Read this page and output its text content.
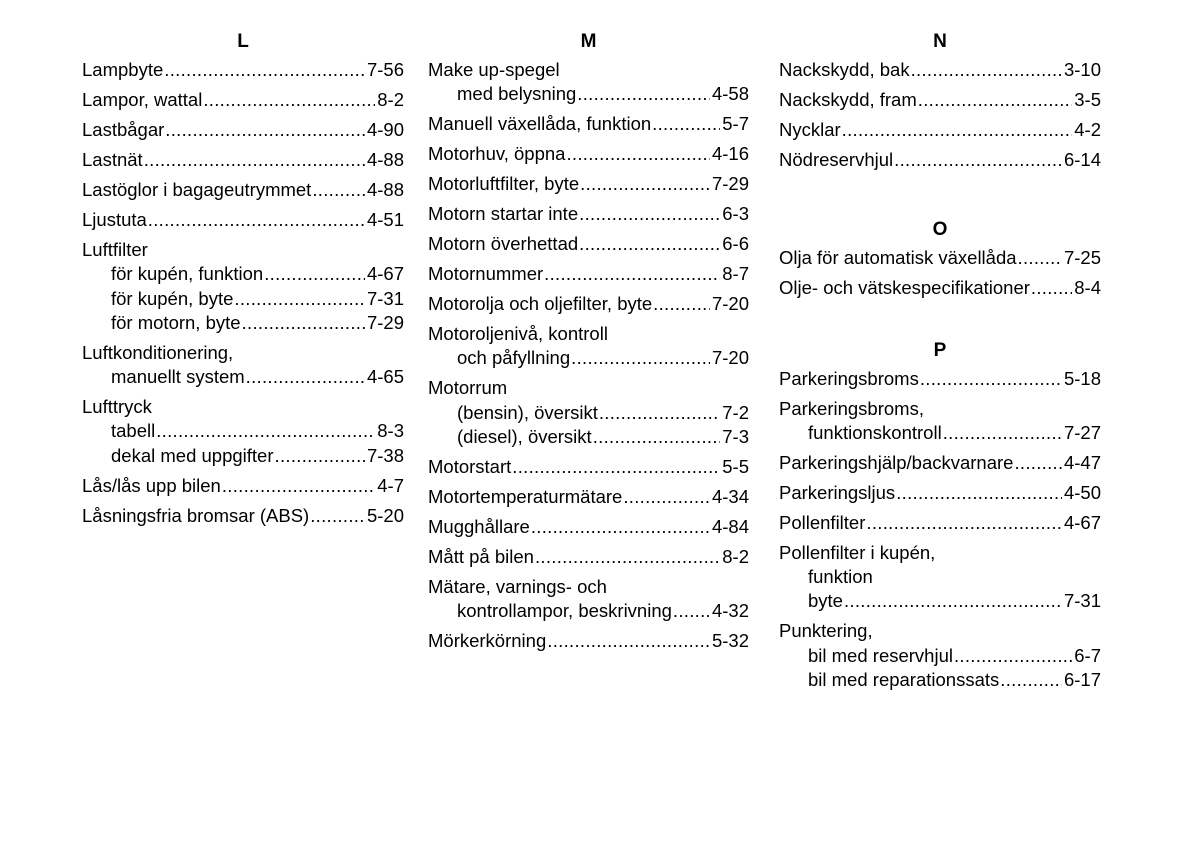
L
Lampbyte .....	7-56
Lampor, wattal .....	8-2
Lastbågar .....	4-90
Lastnät .....	4-88
Lastöglor i bagageutrymmet .....	4-88
Ljustuta .....	4-51
Luftfilter
för kupén, funktion .....	4-67
för kupén, byte .....	7-31
för motorn, byte .....	7-29
Luftkonditionering,
manuellt system .....	4-65
Lufttryck
tabell .....	8-3
dekal med uppgifter .....	7-38
Lås/lås upp bilen .....	4-7
Låsningsfria bromsar (ABS) .....	5-20
M
Make up-spegel
med belysning .....	4-58
Manuell växellåda, funktion .....	5-7
Motorhuv, öppna .....	4-16
Motorluftfilter, byte .....	7-29
Motorn startar inte .....	6-3
Motorn överhettad .....	6-6
Motornummer .....	8-7
Motorolja och oljefilter, byte .....	7-20
Motoroljenivå, kontroll
och påfyllning .....	7-20
Motorrum
(bensin), översikt .....	7-2
(diesel), översikt .....	7-3
Motorstart .....	5-5
Motortemperaturmätare .....	4-34
Mugghållare .....	4-84
Mått på bilen .....	8-2
Mätare, varnings- och
kontrollampor, beskrivning ..... 4-32
Mörkerkörning .....	5-32
N
Nackskydd, bak .....	3-10
Nackskydd, fram .....	3-5
Nycklar .....	4-2
Nödreservhjul .....	6-14
O
Olja för automatisk växellåda .....	7-25
Olje- och vätskespecifikationer ..... 8-4
P
Parkeringsbroms .....	5-18
Parkeringsbroms,
funktionskontroll .....	7-27
Parkeringshjälp/backvarnare .....	4-47
Parkeringsljus .....	4-50
Pollenfilter .....	4-67
Pollenfilter i kupén,
funktion
byte .....	7-31
Punktering,
bil med reservhjul .....	6-7
bil med reparationssats .....	6-17
